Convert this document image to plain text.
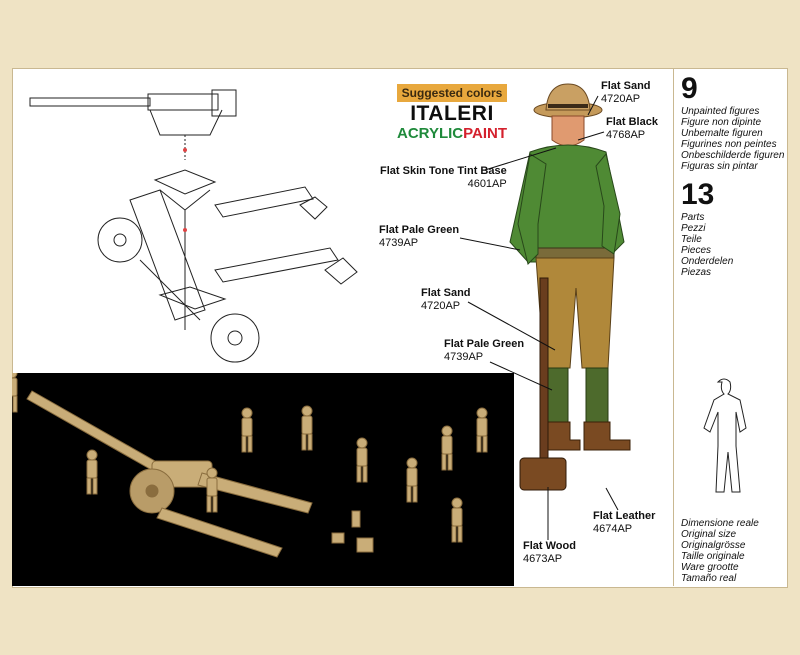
Suggested colors
ITALERI
ACRYLICPAINT
Flat Sand
4720AP
Flat Black
4768AP
Flat Skin Tone Tint Base
4601AP
Flat Pale Green
4739AP
Flat Sand
4720AP
Flat Pale Green
4739AP
Flat Wood
4673AP
Flat Leather
4674AP
9
Unpainted figures
Figure non dipinte
Unbemalte figuren
Figurines non peintes
Onbeschilderde figuren
Figuras sin pintar
13
Parts
Pezzi
Teile
Pieces
Onderdelen
Piezas
Dimensione reale
Original size
Originalgrösse
Taille originale
Ware grootte
Tamaño real
